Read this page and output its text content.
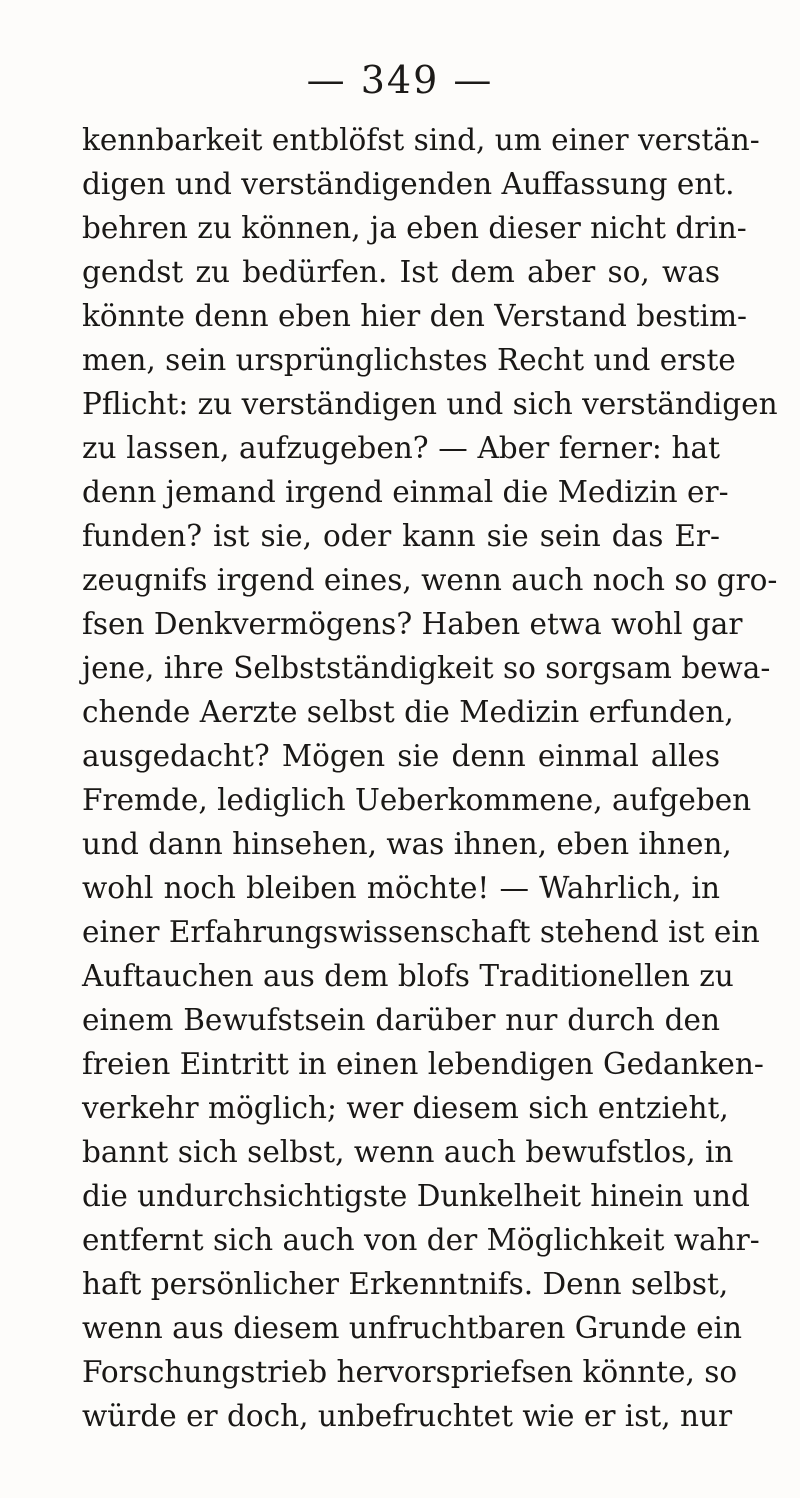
— 349 —
kennbarkeit entblöfst sind, um einer verstän-
digen und verständigenden Auffassung ent.
behren zu können, ja eben dieser nicht drin-
gendst zu bedürfen. Ist dem aber so, was
könnte denn eben hier den Verstand bestim-
men, sein ursprünglichstes Recht und erste
Pflicht: zu verständigen und sich verständigen
zu lassen, aufzugeben? — Aber ferner: hat
denn jemand irgend einmal die Medizin er-
funden? ist sie, oder kann sie sein das Er-
zeugnifs irgend eines, wenn auch noch so gro-
fsen Denkvermögens? Haben etwa wohl gar
jene, ihre Selbstständigkeit so sorgsam bewa-
chende Aerzte selbst die Medizin erfunden,
ausgedacht? Mögen sie denn einmal alles
Fremde, lediglich Ueberkommene, aufgeben
und dann hinsehen, was ihnen, eben ihnen,
wohl noch bleiben möchte! — Wahrlich, in
einer Erfahrungswissenschaft stehend ist ein
Auftauchen aus dem blofs Traditionellen zu
einem Bewufstsein darüber nur durch den
freien Eintritt in einen lebendigen Gedanken-
verkehr möglich; wer diesem sich entzieht,
bannt sich selbst, wenn auch bewufstlos, in
die undurchsichtigste Dunkelheit hinein und
entfernt sich auch von der Möglichkeit wahr-
haft persönlicher Erkenntnifs. Denn selbst,
wenn aus diesem unfruchtbaren Grunde ein
Forschungstrieb hervorspriefsen könnte, so
würde er doch, unbefruchtet wie er ist, nur
